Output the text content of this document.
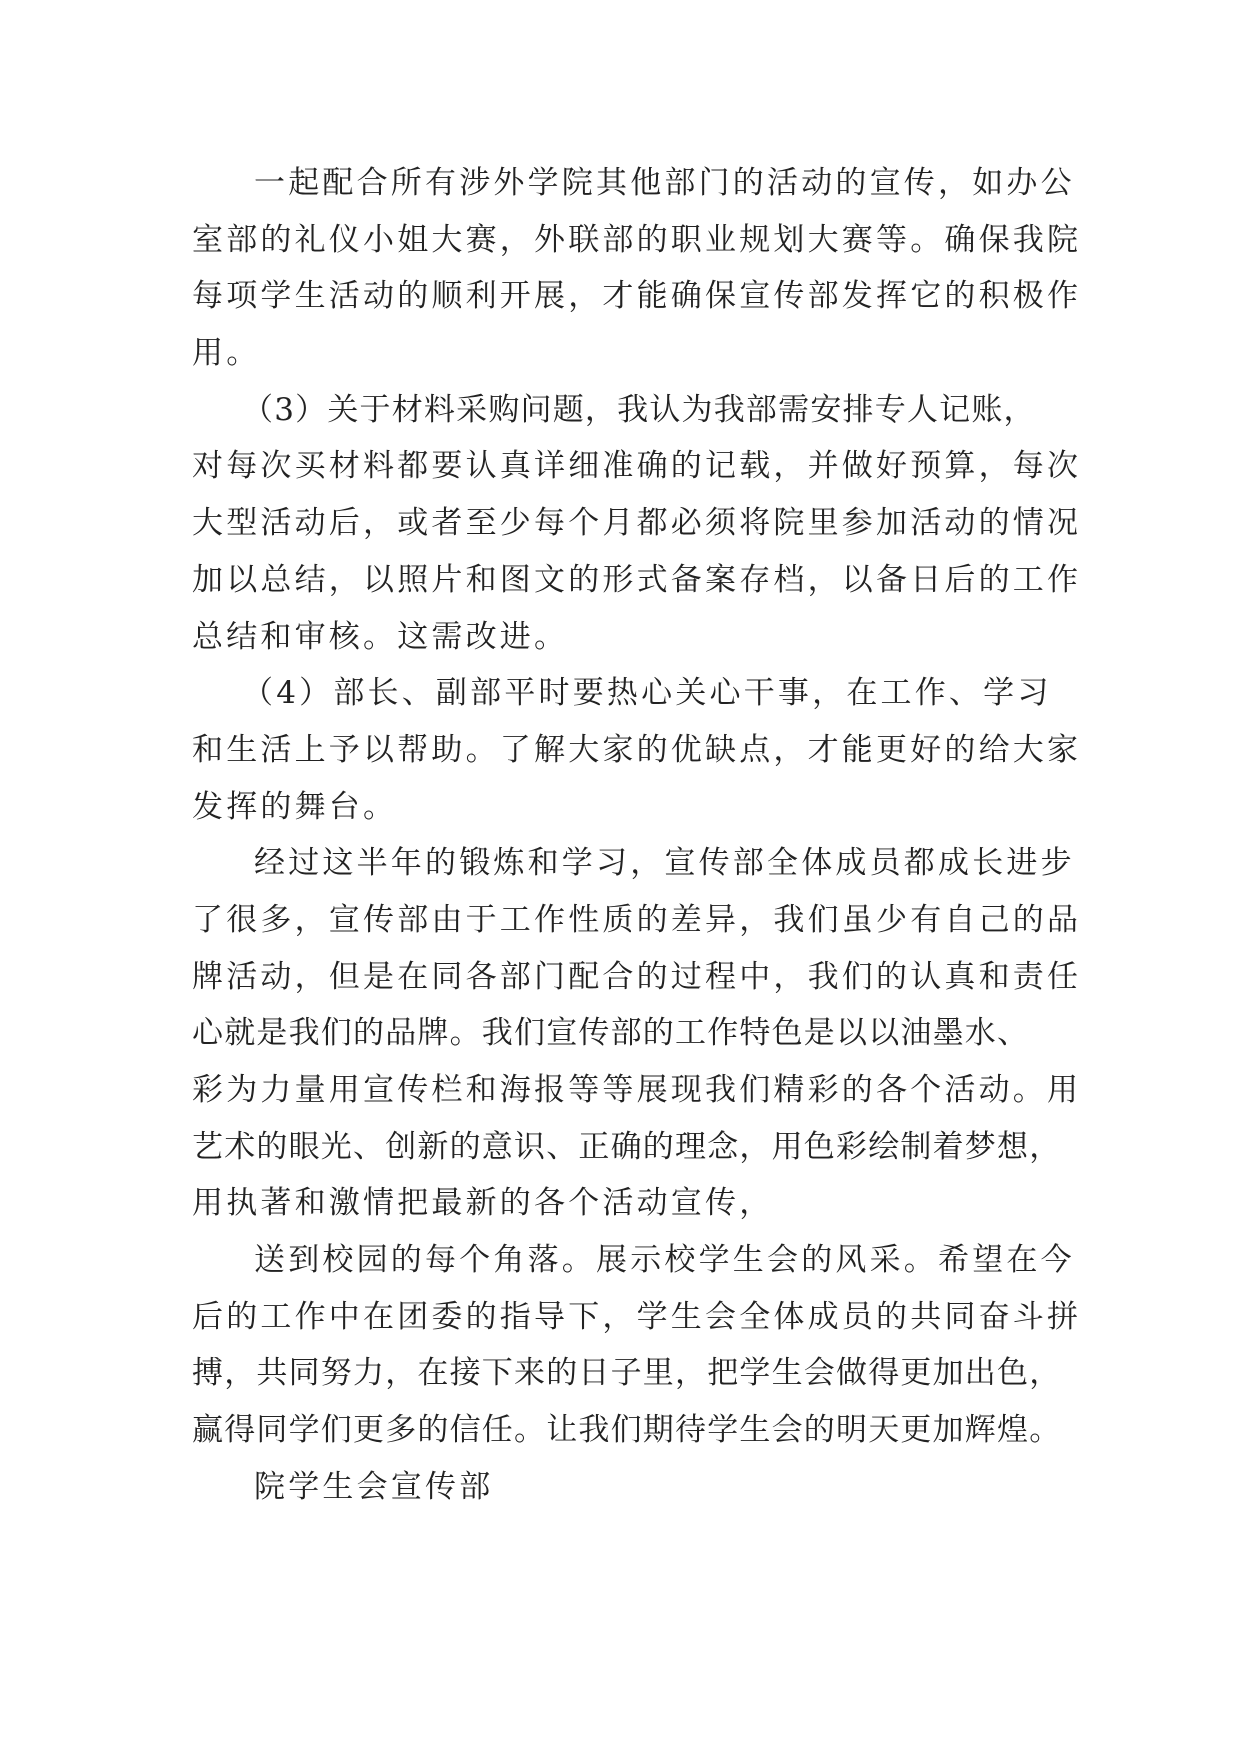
一起配合所有涉外学院其他部门的活动的宣传，如办公
室部的礼仪小姐大赛，外联部的职业规划大赛等。确保我院
每项学生活动的顺利开展，才能确保宣传部发挥它的积极作
用。
（3）关于材料采购问题，我认为我部需安排专人记账，
对每次买材料都要认真详细准确的记载，并做好预算，每次
大型活动后，或者至少每个月都必须将院里参加活动的情况
加以总结，以照片和图文的形式备案存档，以备日后的工作
总结和审核。这需改进。
（4）部长、副部平时要热心关心干事，在工作、学习
和生活上予以帮助。了解大家的优缺点，才能更好的给大家
发挥的舞台。
经过这半年的锻炼和学习，宣传部全体成员都成长进步
了很多，宣传部由于工作性质的差异，我们虽少有自己的品
牌活动，但是在同各部门配合的过程中，我们的认真和责任
心就是我们的品牌。我们宣传部的工作特色是以以油墨水、
彩为力量用宣传栏和海报等等展现我们精彩的各个活动。用
艺术的眼光、创新的意识、正确的理念，用色彩绘制着梦想，
用执著和激情把最新的各个活动宣传，
送到校园的每个角落。展示校学生会的风采。希望在今
后的工作中在团委的指导下，学生会全体成员的共同奋斗拼
搏，共同努力，在接下来的日子里，把学生会做得更加出色，
赢得同学们更多的信任。让我们期待学生会的明天更加辉煌。
院学生会宣传部
